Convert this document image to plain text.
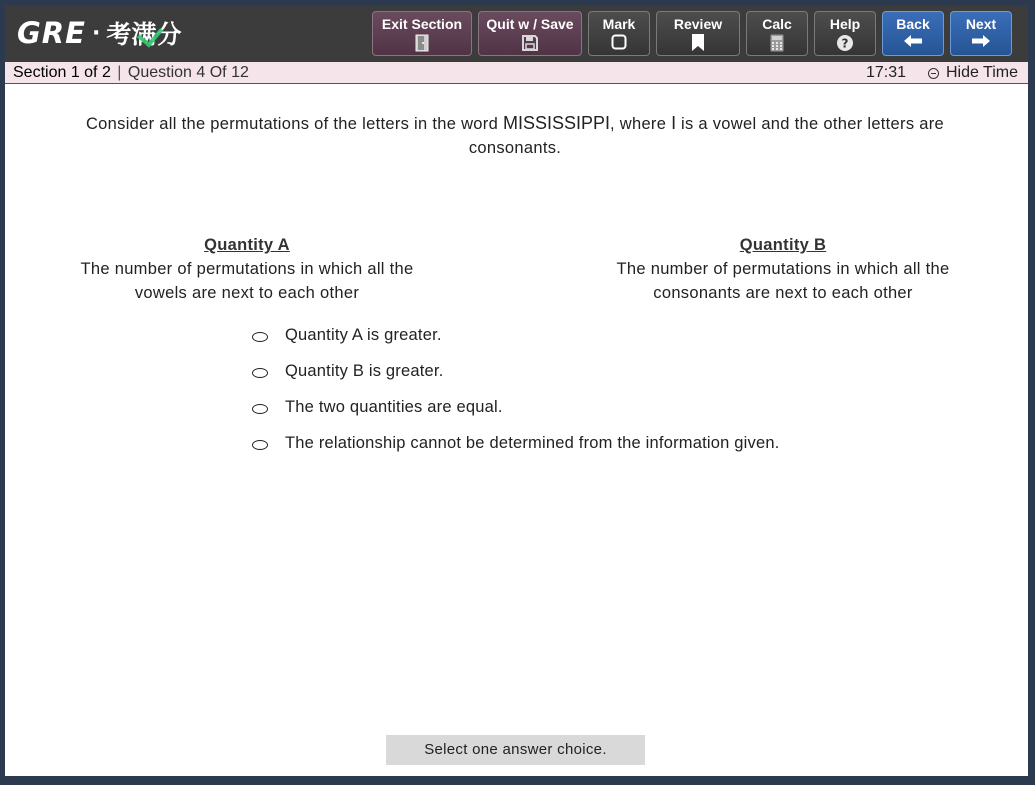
GRE · 考满分	Exit Section	Quit w / Save	Mark	Review	Calc	Help
?
Back	Next
Section 1 of 2 | Question 4 Of 12	17:31 Hide Time
Consider all the permutations of the letters in the word MISSISSIPPI, where I is a vowel and the other letters are consonants.
Quantity A
The number of permutations in which all the
vowels are next to each other
Quantity B
The number of permutations in which all the
consonants are next to each other
Quantity A is greater.
Quantity B is greater.
The two quantities are equal.
The relationship cannot be determined from the information given.
Select one answer choice.
